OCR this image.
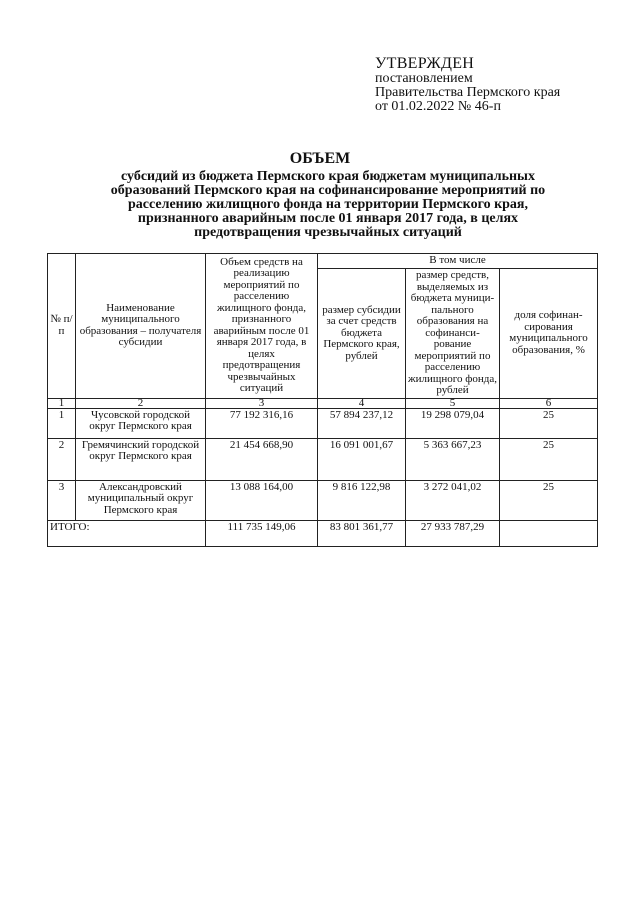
УТВЕРЖДЕН
постановлением
Правительства Пермского края
от 01.02.2022 № 46-п
ОБЪЕМ
субсидий из бюджета Пермского края бюджетам муниципальных образований Пермского края на софинансирование мероприятий по расселению жилищного фонда на территории Пермского края, признанного аварийным после 01 января 2017 года, в целях предотвращения чрезвычайных ситуаций
№ п/п	Наименование муниципального образования – получателя субсидии	Объем средств на реализацию мероприятий по расселению жилищного фонда, признанного аварийным после 01 января 2017 года, в целях предотвращения чрезвычайных ситуаций	В том числе		
			размер субсидии за счет средств бюджета Пермского края, рублей	размер средств, выделяемых из бюджета муници-пального образования на софинанси-рование мероприятий по расселению жилищного фонда, рублей	доля софинан-сирования муниципального образования, %
1	2	3	4	5	6
1	Чусовской городской округ Пермского края	77 192 316,16	57 894 237,12	19 298 079,04	25
2	Гремячинский городской округ Пермского края	21 454 668,90	16 091 001,67	5 363 667,23	25
3	Александровский муниципальный округ Пермского края	13 088 164,00	9 816 122,98	3 272 041,02	25
ИТОГО:		111 735 149,06	83 801 361,77	27 933 787,29	
